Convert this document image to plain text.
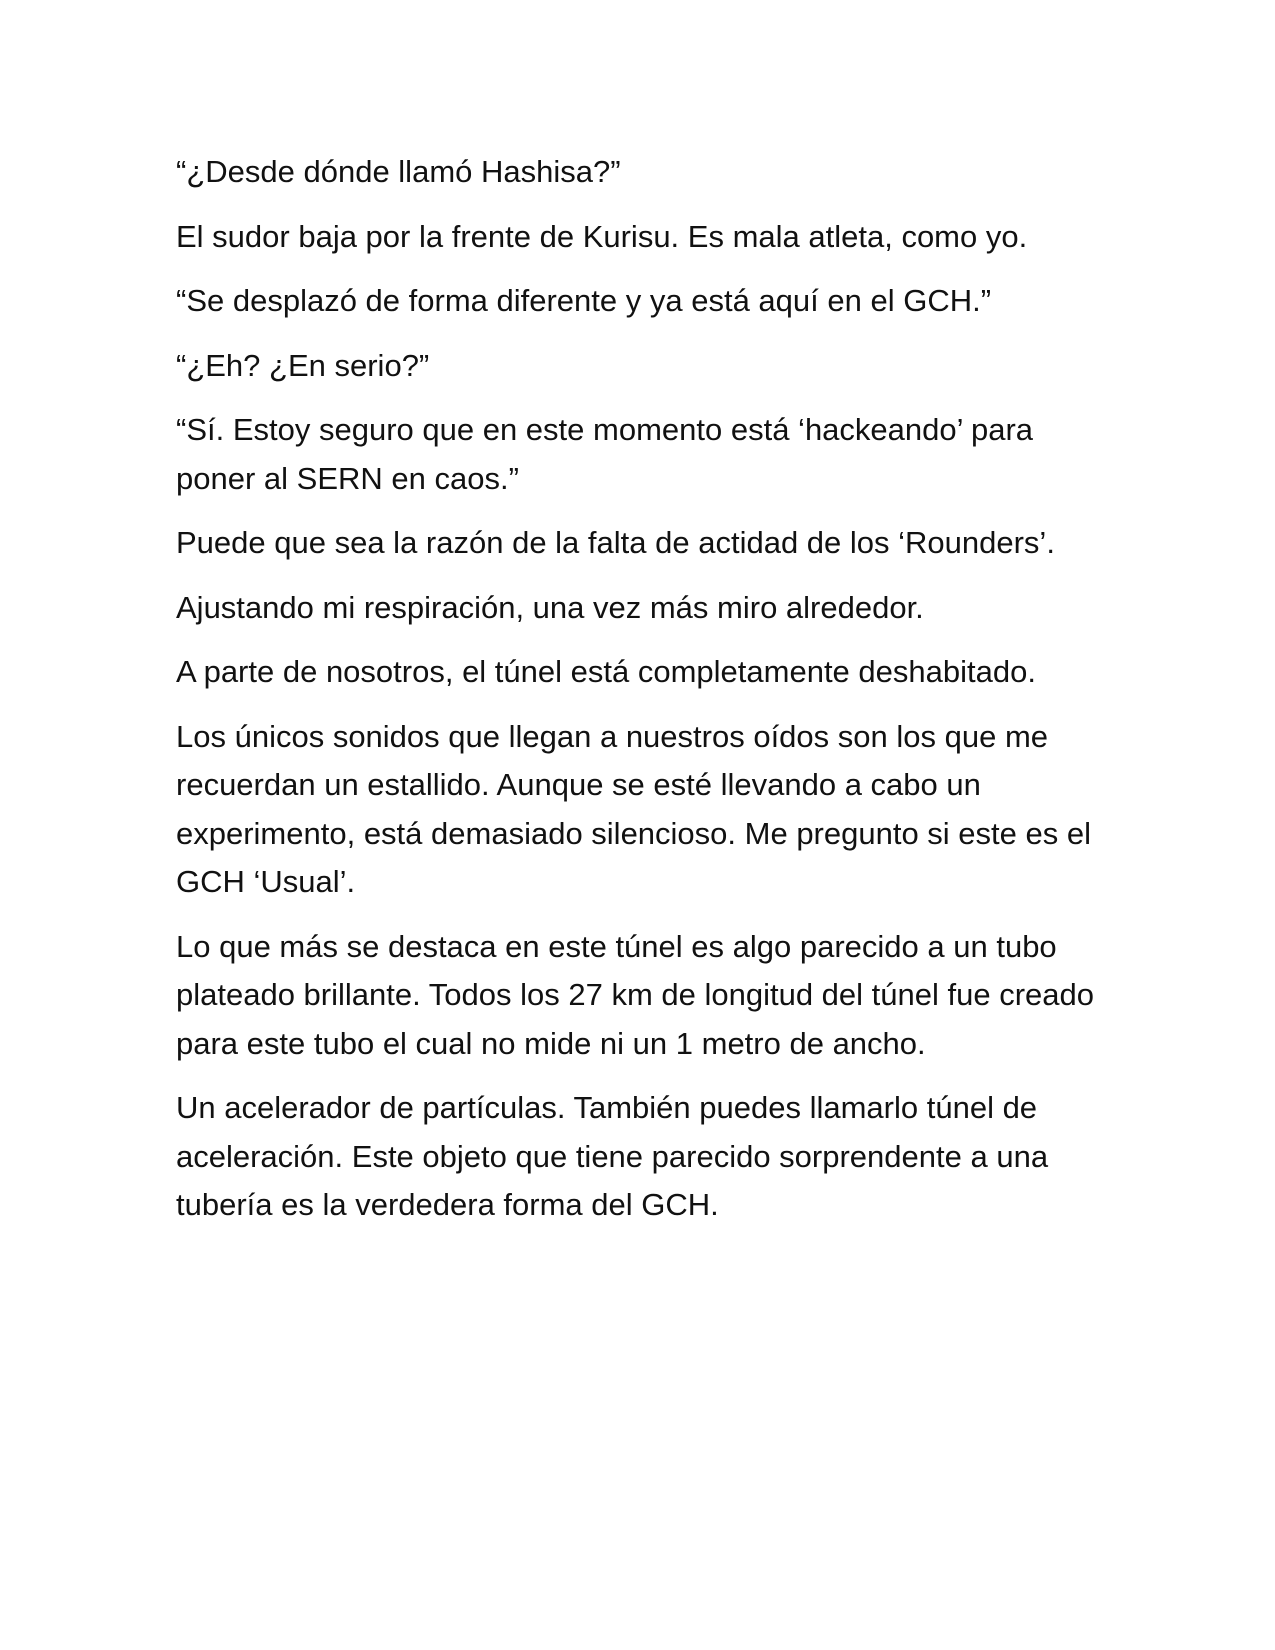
“¿Desde dónde llamó Hashisa?”

El sudor baja por la frente de Kurisu. Es mala atleta, como yo.

“Se desplazó de forma diferente y ya está aquí en el GCH.”

“¿Eh? ¿En serio?”

“Sí. Estoy seguro que en este momento está ‘hackeando’ para poner al SERN en caos.”

Puede que sea la razón de la falta de actidad de los ‘Rounders’.

Ajustando mi respiración, una vez más miro alrededor.

A parte de nosotros, el túnel está completamente deshabitado.

Los únicos sonidos que llegan a nuestros oídos son los que me recuerdan un estallido. Aunque se esté llevando a cabo un experimento, está demasiado silencioso. Me pregunto si este es el GCH ‘Usual’.

Lo que más se destaca en este túnel es algo parecido a un tubo plateado brillante. Todos los 27 km de longitud del túnel fue creado para este tubo el cual no mide ni un 1 metro de ancho.

Un acelerador de partículas. También puedes llamarlo túnel de aceleración. Este objeto que tiene parecido sorprendente a una tubería es la verdedera forma del GCH.
